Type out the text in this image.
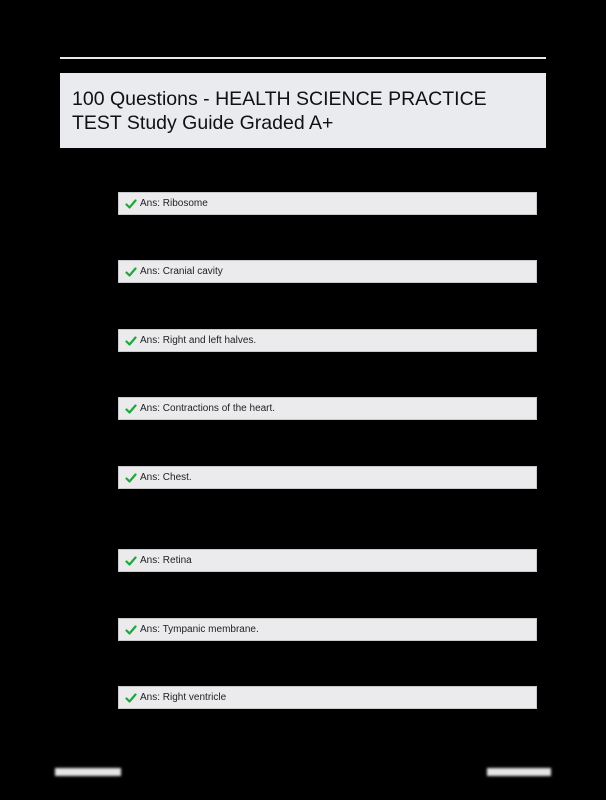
100 Questions - HEALTH SCIENCE PRACTICE TEST Study Guide Graded A+
Ans: Ribosome
Ans: Cranial cavity
Ans: Right and left halves.
Ans: Contractions of the heart.
Ans: Chest.
Ans: Retina
Ans: Tympanic membrane.
Ans: Right ventricle
